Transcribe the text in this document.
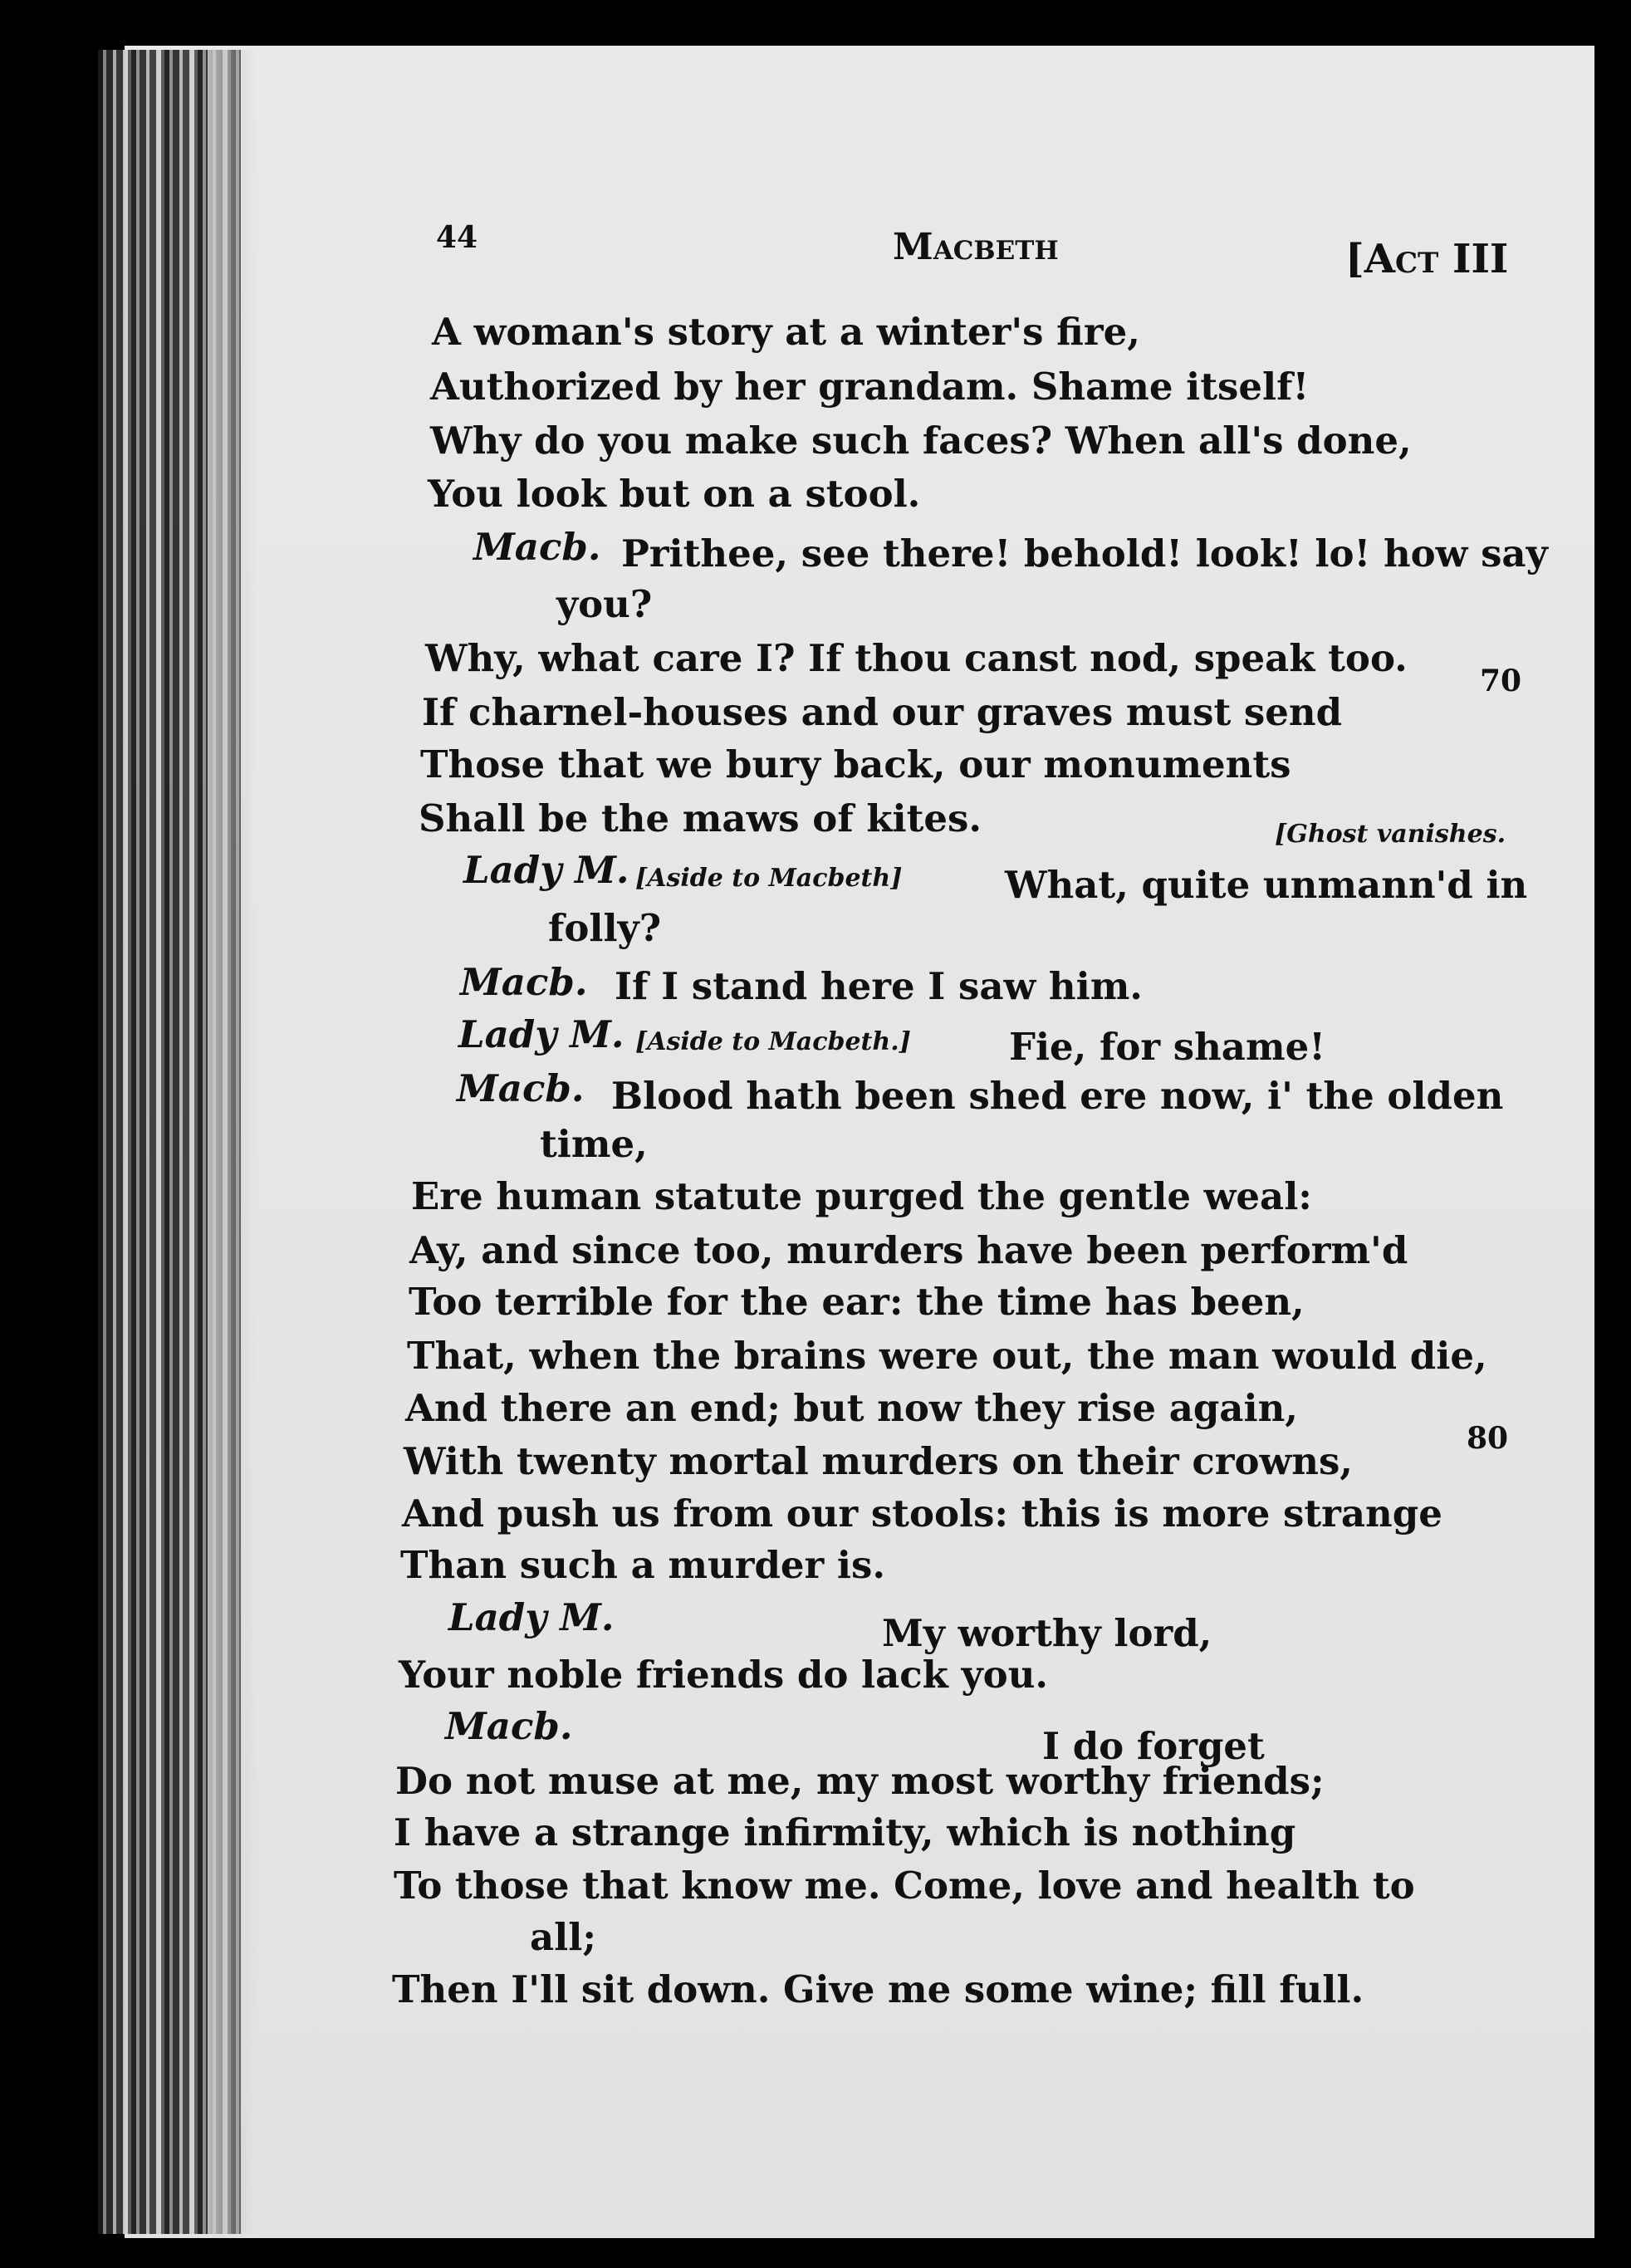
44	Macbeth	[Act III
A woman's story at a winter's fire,
Authorized by her grandam. Shame itself!
Why do you make such faces? When all's done,
You look but on a stool.
Macb. Prithee, see there! behold! look! lo! how say
you?
Why, what care I? If thou canst nod, speak too.
70
If charnel-houses and our graves must send
Those that we bury back, our monuments
Shall be the maws of kites.	[Ghost vanishes.
Lady M. [Aside to Macbeth]	What, quite unmann'd in
folly?
Macb. If I stand here I saw him.
Lady M. [Aside to Macbeth.]	Fie, for shame!
Macb. Blood hath been shed ere now, i' the olden
time,
Ere human statute purged the gentle weal:
Ay, and since too, murders have been perform'd
Too terrible for the ear: the time has been,
That, when the brains were out, the man would die,
And there an end; but now they rise again,
80
With twenty mortal murders on their crowns,
And push us from our stools: this is more strange
Than such a murder is.
Lady M.	My worthy lord,
Your noble friends do lack you.
Macb.	I do forget
Do not muse at me, my most worthy friends;
I have a strange infirmity, which is nothing
To those that know me. Come, love and health to
all;
Then I'll sit down. Give me some wine; fill full.
